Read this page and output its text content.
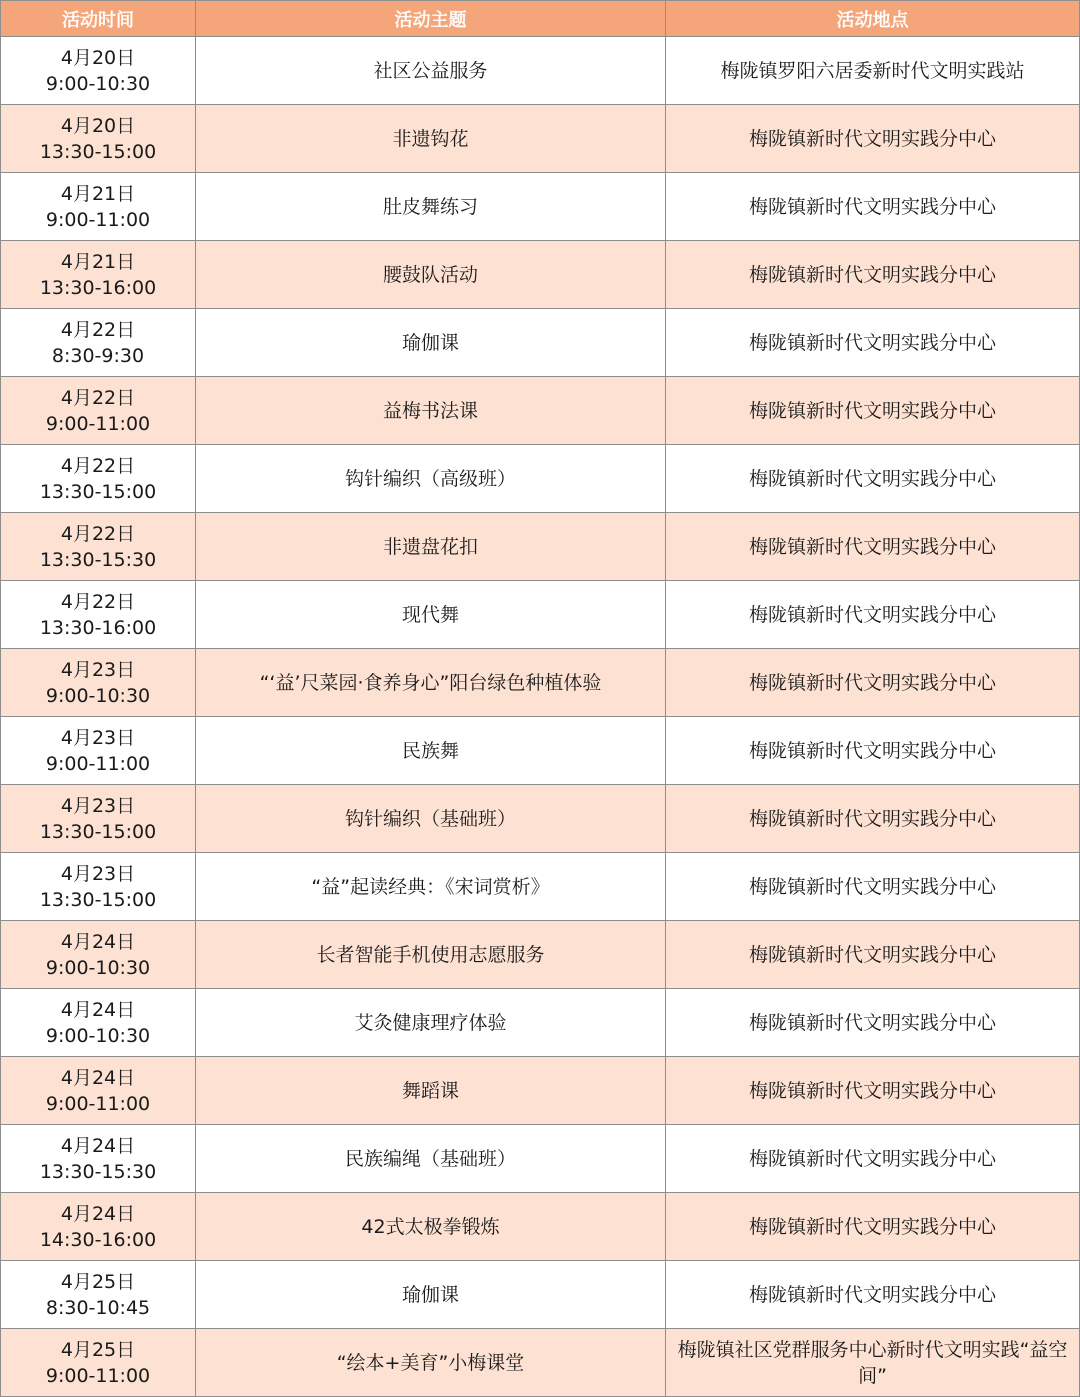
活动时间	活动主题	活动地点

4月20日
9:00-10:30	社区公益服务	梅陇镇罗阳六居委新时代文明实践站

4月20日
13:30-15:00	非遗钩花	梅陇镇新时代文明实践分中心

4月21日
9:00-11:00	肚皮舞练习	梅陇镇新时代文明实践分中心

4月21日
13:30-16:00	腰鼓队活动	梅陇镇新时代文明实践分中心

4月22日
8:30-9:30	瑜伽课	梅陇镇新时代文明实践分中心

4月22日
9:00-11:00	益梅书法课	梅陇镇新时代文明实践分中心

4月22日
13:30-15:00	钩针编织（高级班）	梅陇镇新时代文明实践分中心

4月22日
13:30-15:30	非遗盘花扣	梅陇镇新时代文明实践分中心

4月22日
13:30-16:00	现代舞	梅陇镇新时代文明实践分中心

4月23日
9:00-10:30	“‘益’尺菜园·食养身心”阳台绿色种植体验	梅陇镇新时代文明实践分中心

4月23日
9:00-11:00	民族舞	梅陇镇新时代文明实践分中心

4月23日
13:30-15:00	钩针编织（基础班）	梅陇镇新时代文明实践分中心

4月23日
13:30-15:00	“益”起读经典：《宋词赏析》	梅陇镇新时代文明实践分中心

4月24日
9:00-10:30	长者智能手机使用志愿服务	梅陇镇新时代文明实践分中心

4月24日
9:00-10:30	艾灸健康理疗体验	梅陇镇新时代文明实践分中心

4月24日
9:00-11:00	舞蹈课	梅陇镇新时代文明实践分中心

4月24日
13:30-15:30	民族编绳（基础班）	梅陇镇新时代文明实践分中心

4月24日
14:30-16:00	42式太极拳锻炼	梅陇镇新时代文明实践分中心

4月25日
8:30-10:45	瑜伽课	梅陇镇新时代文明实践分中心

4月25日
9:00-11:00	“绘本+美育”小梅课堂	梅陇镇社区党群服务中心新时代文明实践“益空间”
